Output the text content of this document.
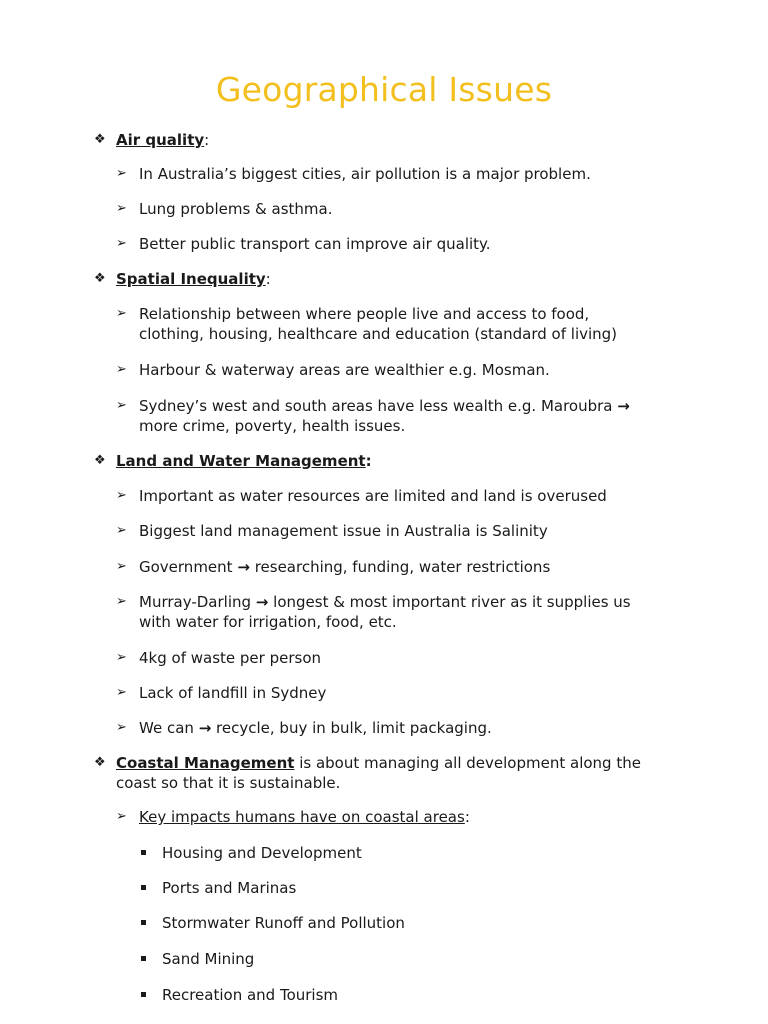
Geographical Issues
❖ Air quality:
➢ In Australia’s biggest cities, air pollution is a major problem.
➢ Lung problems & asthma.
➢ Better public transport can improve air quality.
❖ Spatial Inequality:
➢ Relationship between where people live and access to food,
clothing, housing, healthcare and education (standard of living)
➢ Harbour & waterway areas are wealthier e.g. Mosman.
➢ Sydney’s west and south areas have less wealth e.g. Maroubra →
more crime, poverty, health issues.
❖ Land and Water Management:
➢ Important as water resources are limited and land is overused
➢ Biggest land management issue in Australia is Salinity
➢ Government → researching, funding, water restrictions
➢ Murray-Darling → longest & most important river as it supplies us
with water for irrigation, food, etc.
➢ 4kg of waste per person
➢ Lack of landfill in Sydney
➢ We can → recycle, buy in bulk, limit packaging.
❖ Coastal Management is about managing all development along the
coast so that it is sustainable.
➢ Key impacts humans have on coastal areas:
Housing and Development
Ports and Marinas
Stormwater Runoff and Pollution
Sand Mining
Recreation and Tourism
